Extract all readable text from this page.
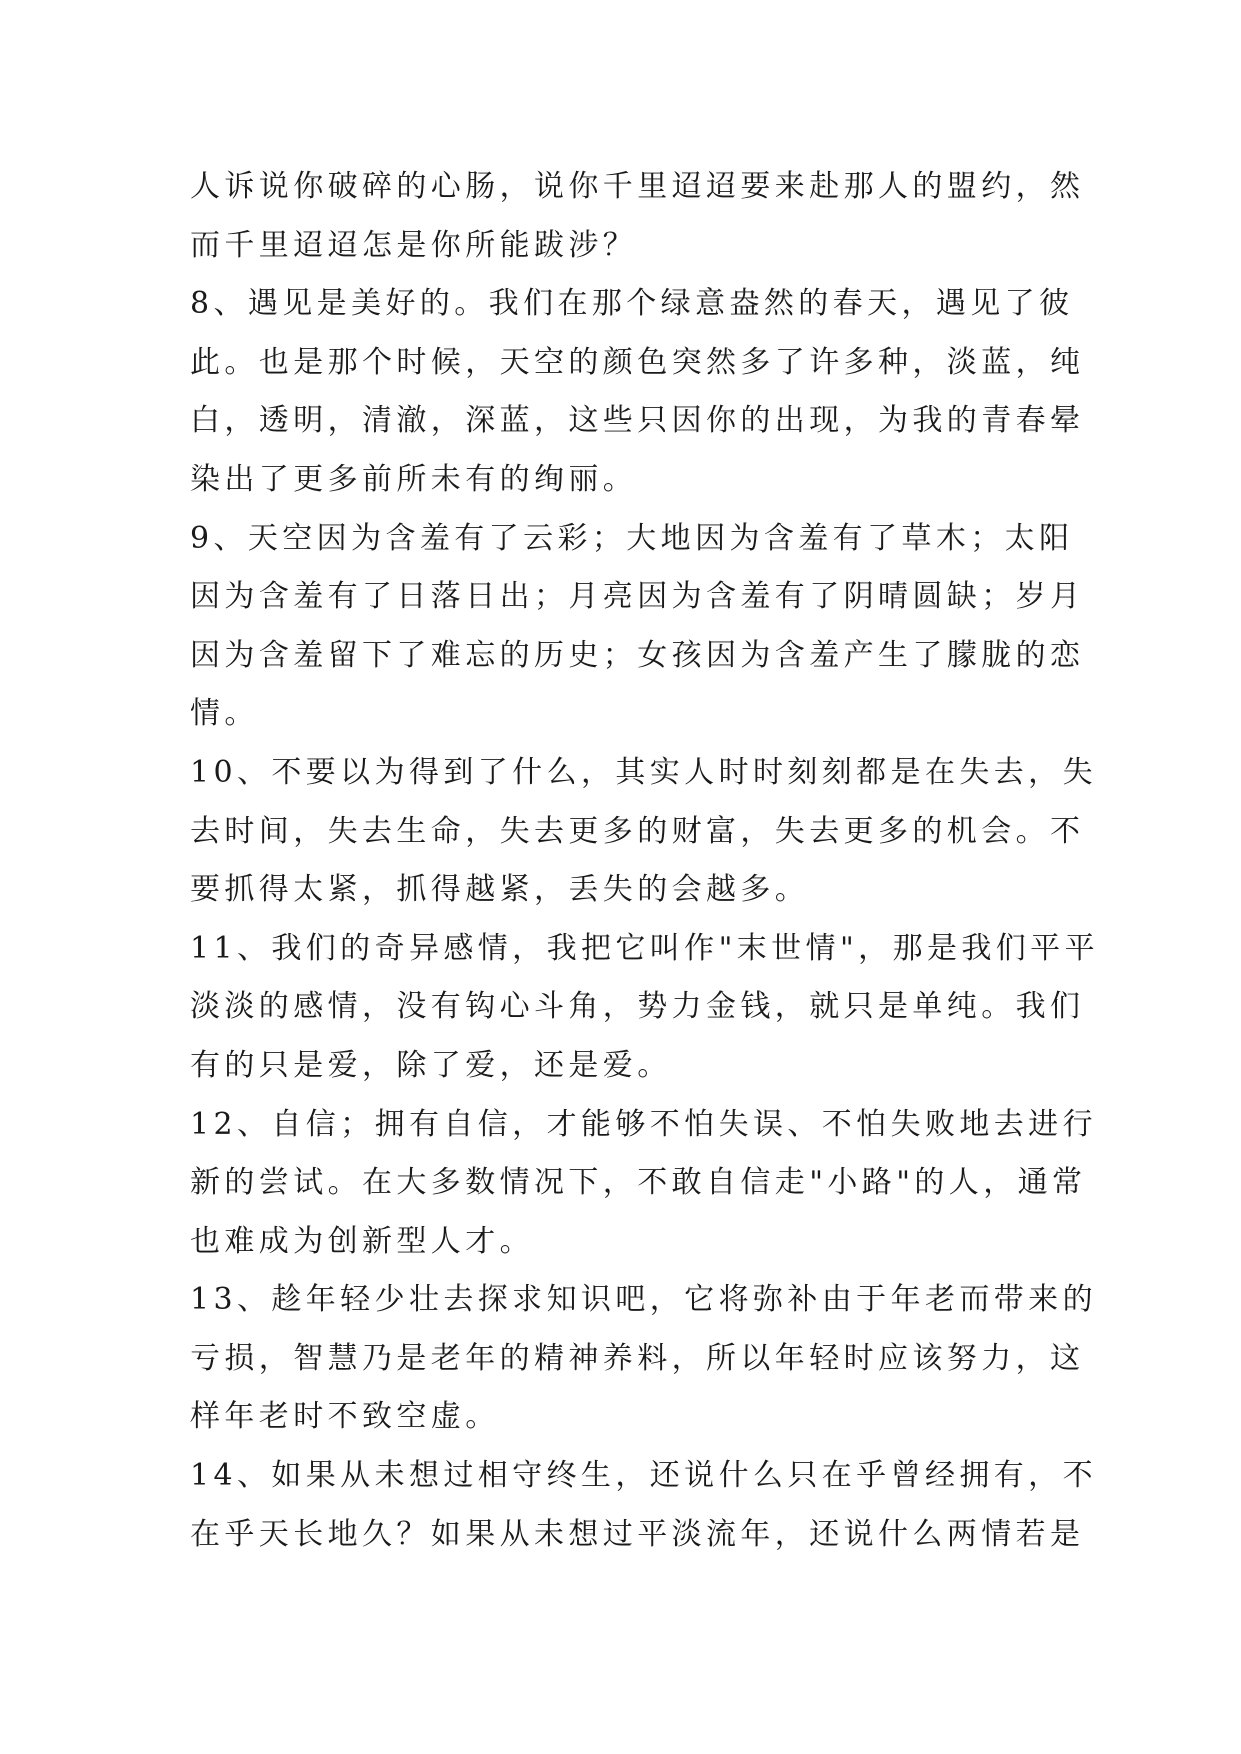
人诉说你破碎的心肠，说你千里迢迢要来赴那人的盟约，然
而千里迢迢怎是你所能跋涉？
8、遇见是美好的。我们在那个绿意盎然的春天，遇见了彼
此。也是那个时候，天空的颜色突然多了许多种，淡蓝，纯
白，透明，清澈，深蓝，这些只因你的出现，为我的青春晕
染出了更多前所未有的绚丽。
9、天空因为含羞有了云彩；大地因为含羞有了草木；太阳
因为含羞有了日落日出；月亮因为含羞有了阴晴圆缺；岁月
因为含羞留下了难忘的历史；女孩因为含羞产生了朦胧的恋
情。
10、不要以为得到了什么，其实人时时刻刻都是在失去，失
去时间，失去生命，失去更多的财富，失去更多的机会。不
要抓得太紧，抓得越紧，丢失的会越多。
11、我们的奇异感情，我把它叫作"末世情"，那是我们平平
淡淡的感情，没有钩心斗角，势力金钱，就只是单纯。我们
有的只是爱，除了爱，还是爱。
12、自信；拥有自信，才能够不怕失误、不怕失败地去进行
新的尝试。在大多数情况下，不敢自信走"小路"的人，通常
也难成为创新型人才。
13、趁年轻少壮去探求知识吧，它将弥补由于年老而带来的
亏损，智慧乃是老年的精神养料，所以年轻时应该努力，这
样年老时不致空虚。
14、如果从未想过相守终生，还说什么只在乎曾经拥有，不
在乎天长地久？如果从未想过平淡流年，还说什么两情若是
